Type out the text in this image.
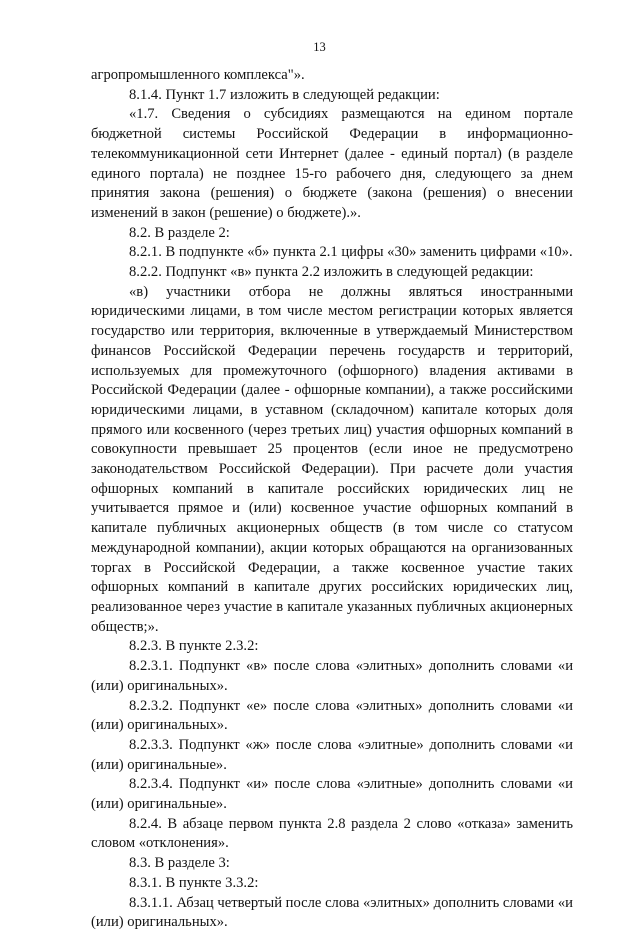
13

агропромышленного комплекса"».

8.1.4. Пункт 1.7 изложить в следующей редакции:

«1.7. Сведения о субсидиях размещаются на едином портале бюджетной системы Российской Федерации в информационно-телекоммуникационной сети Интернет (далее - единый портал) (в разделе единого портала) не позднее 15-го рабочего дня, следующего за днем принятия закона (решения) о бюджете (закона (решения) о внесении изменений в закон (решение) о бюджете).».

8.2. В разделе 2:

8.2.1. В подпункте «б» пункта 2.1 цифры «30» заменить цифрами «10».

8.2.2. Подпункт «в» пункта 2.2 изложить в следующей редакции:

«в) участники отбора не должны являться иностранными юридическими лицами, в том числе местом регистрации которых является государство или территория, включенные в утверждаемый Министерством финансов Российской Федерации перечень государств и территорий, используемых для промежуточного (офшорного) владения активами в Российской Федерации (далее - офшорные компании), а также российскими юридическими лицами, в уставном (складочном) капитале которых доля прямого или косвенного (через третьих лиц) участия офшорных компаний в совокупности превышает 25 процентов (если иное не предусмотрено законодательством Российской Федерации). При расчете доли участия офшорных компаний в капитале российских юридических лиц не учитывается прямое и (или) косвенное участие офшорных компаний в капитале публичных акционерных обществ (в том числе со статусом международной компании), акции которых обращаются на организованных торгах в Российской Федерации, а также косвенное участие таких офшорных компаний в капитале других российских юридических лиц, реализованное через участие в капитале указанных публичных акционерных обществ;».

8.2.3. В пункте 2.3.2:

8.2.3.1. Подпункт «в» после слова «элитных» дополнить словами «и (или) оригинальных».

8.2.3.2. Подпункт «е» после слова «элитных» дополнить словами «и (или) оригинальных».

8.2.3.3. Подпункт «ж» после слова «элитные» дополнить словами «и (или) оригинальные».

8.2.3.4. Подпункт «и» после слова «элитные» дополнить словами «и (или) оригинальные».

8.2.4. В абзаце первом пункта 2.8 раздела 2 слово «отказа» заменить словом «отклонения».

8.3. В разделе 3:

8.3.1. В пункте 3.3.2:

8.3.1.1. Абзац четвертый после слова «элитных» дополнить словами «и (или) оригинальных».
